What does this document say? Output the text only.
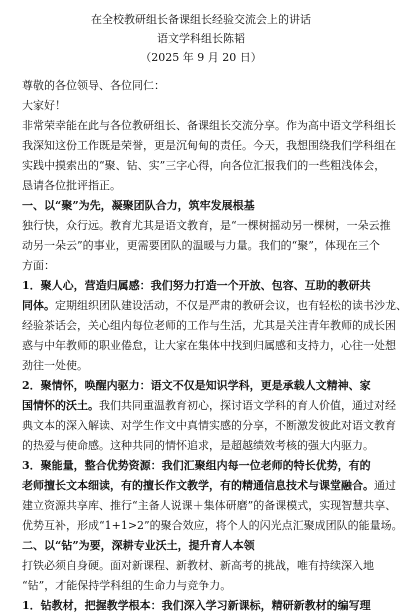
在全校教研组长备课组长经验交流会上的讲话
语文学科组长陈韬
（2025 年 9 月 20 日）
尊敬的各位领导、各位同仁：
大家好！
非常荣幸能在此与各位教研组长、备课组长交流分享。作为高中语文学科组长
我深知这份工作既是荣誉，更是沉甸甸的责任。今天，我想围绕我们学科组在
实践中摸索出的“聚、钻、实”三字心得，向各位汇报我们的一些粗浅体会，
恳请各位批评指正。
一、以“聚”为先，凝聚团队合力，筑牢发展根基
独行快，众行远。教育尤其是语文教育，是“一棵树摇动另一棵树，一朵云推
动另一朵云”的事业，更需要团队的温暖与力量。我们的“聚”，体现在三个
方面：
1．聚人心，营造归属感：我们努力打造一个开放、包容、互助的教研共
同体。定期组织团队建设活动，不仅是严肃的教研会议，也有轻松的读书沙龙、
经验茶话会，关心组内每位老师的工作与生活，尤其是关注青年教师的成长困
惑与中年教师的职业倦怠，让大家在集体中找到归属感和支持力，心往一处想
劲往一处使。
2．聚情怀，唤醒内驱力：语文不仅是知识学科，更是承载人文精神、家
国情怀的沃土。我们共同重温教育初心，探讨语文学科的育人价值，通过对经
典文本的深入解读、对学生作文中真情实感的分享，不断激发彼此对语文教育
的热爱与使命感。这种共同的情怀追求，是超越绩效考核的强大内驱力。
3．聚能量，整合优势资源：我们汇聚组内每一位老师的特长优势，有的
老师擅长文本细读，有的擅长作文教学，有的精通信息技术与课堂融合。通过
建立资源共享库、推行“主备人说课＋集体研磨”的备课模式，实现智慧共享、
优势互补，形成“1+1>2”的聚合效应，将个人的闪光点汇聚成团队的能量场。
二、以“钻”为要，深耕专业沃土，提升育人本领
打铁必须自身硬。面对新课程、新教材、新高考的挑战，唯有持续深入地
“钻”，才能保持学科组的生命力与竞争力。
1．钻教材，把握教学根本：我们深入学习新课标，精研新教材的编写理
